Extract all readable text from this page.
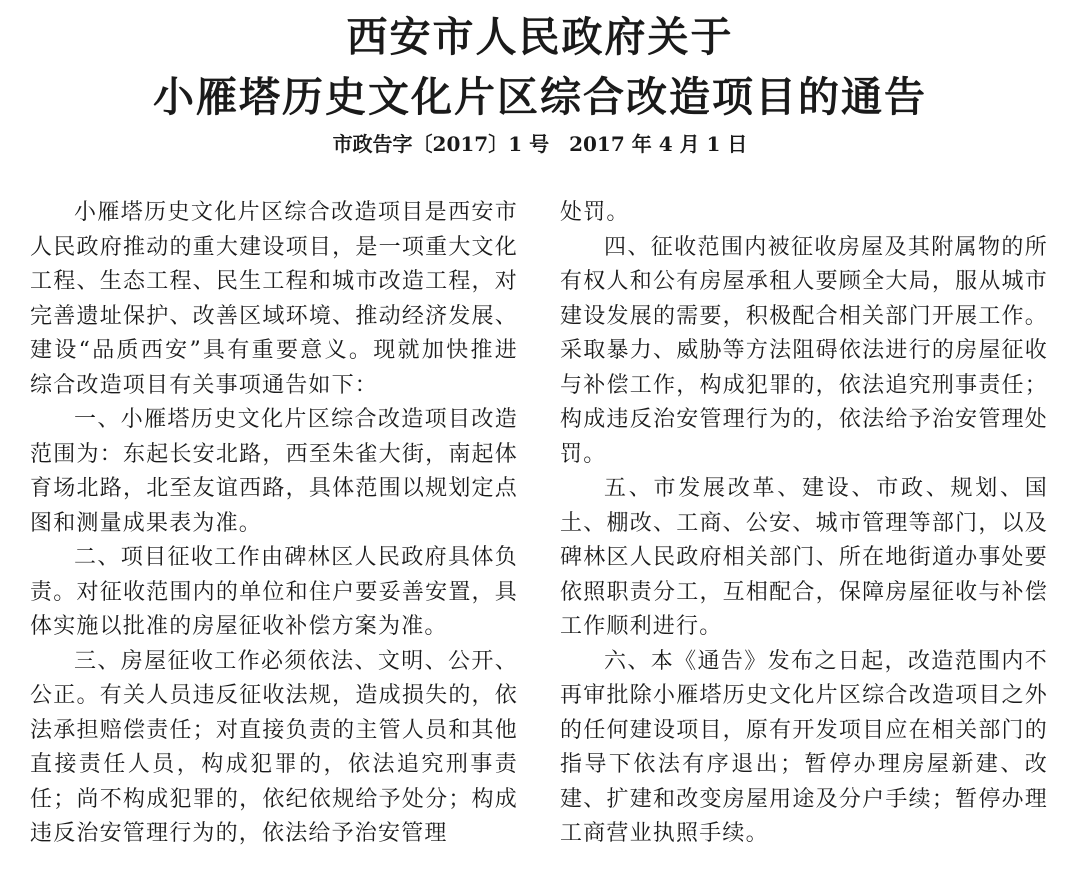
西安市人民政府关于
小雁塔历史文化片区综合改造项目的通告
市政告字〔2017〕1 号　2017 年 4 月 1 日

小雁塔历史文化片区综合改造项目是西安市人民政府推动的重大建设项目，是一项重大文化工程、生态工程、民生工程和城市改造工程，对完善遗址保护、改善区域环境、推动经济发展、建设“品质西安”具有重要意义。现就加快推进综合改造项目有关事项通告如下：

一、小雁塔历史文化片区综合改造项目改造范围为：东起长安北路，西至朱雀大街，南起体育场北路，北至友谊西路，具体范围以规划定点图和测量成果表为准。

二、项目征收工作由碑林区人民政府具体负责。对征收范围内的单位和住户要妥善安置，具体实施以批准的房屋征收补偿方案为准。

三、房屋征收工作必须依法、文明、公开、公正。有关人员违反征收法规，造成损失的，依法承担赔偿责任；对直接负责的主管人员和其他直接责任人员，构成犯罪的，依法追究刑事责任；尚不构成犯罪的，依纪依规给予处分；构成违反治安管理行为的，依法给予治安管理

处罚。

四、征收范围内被征收房屋及其附属物的所有权人和公有房屋承租人要顾全大局，服从城市建设发展的需要，积极配合相关部门开展工作。采取暴力、威胁等方法阻碍依法进行的房屋征收与补偿工作，构成犯罪的，依法追究刑事责任；构成违反治安管理行为的，依法给予治安管理处罚。

五、市发展改革、建设、市政、规划、国土、棚改、工商、公安、城市管理等部门，以及碑林区人民政府相关部门、所在地街道办事处要依照职责分工，互相配合，保障房屋征收与补偿工作顺利进行。

六、本《通告》发布之日起，改造范围内不再审批除小雁塔历史文化片区综合改造项目之外的任何建设项目，原有开发项目应在相关部门的指导下依法有序退出；暂停办理房屋新建、改建、扩建和改变房屋用途及分户手续；暂停办理工商营业执照手续。
